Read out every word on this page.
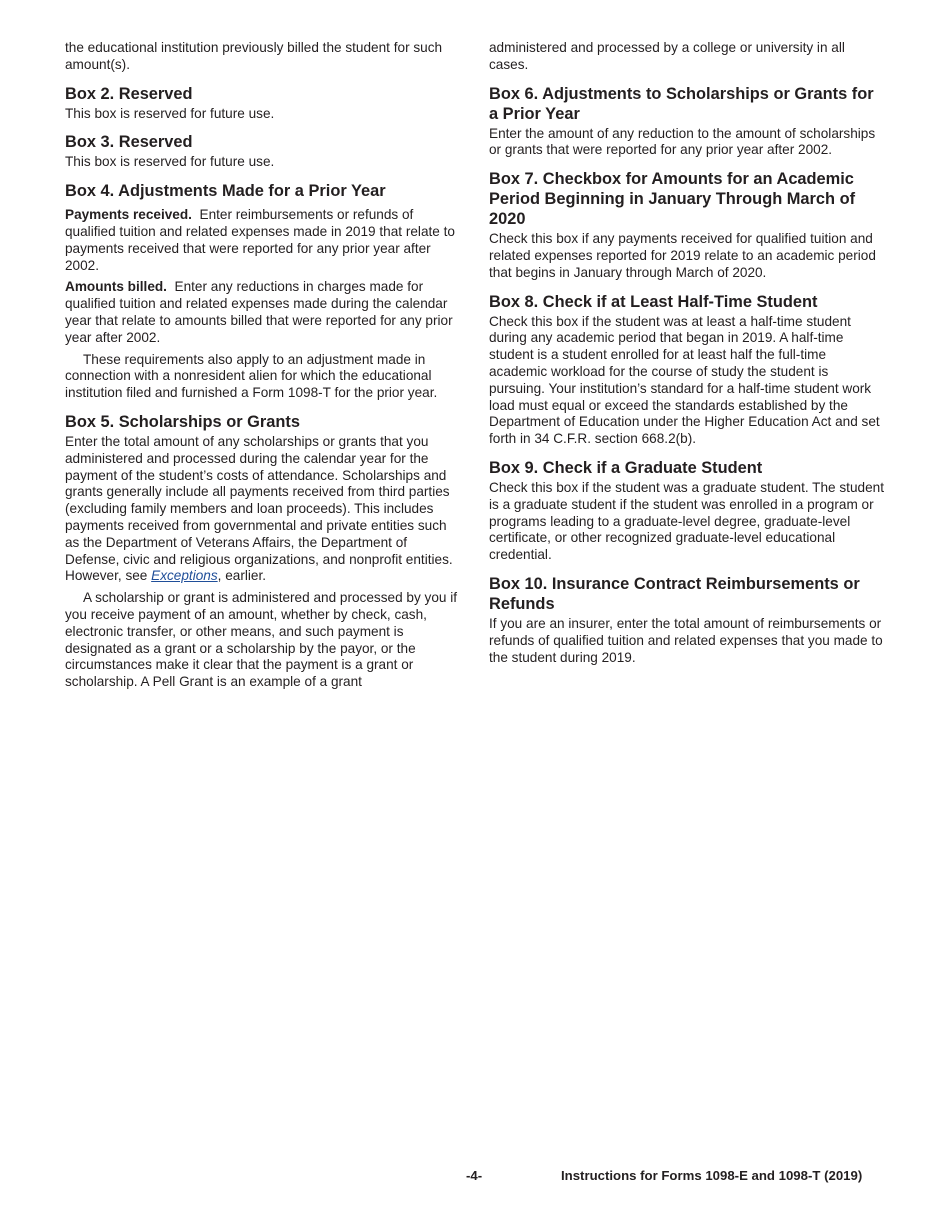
the educational institution previously billed the student for such amount(s).

Box 2. Reserved

This box is reserved for future use.

Box 3. Reserved

This box is reserved for future use.

Box 4. Adjustments Made for a Prior Year

Payments received. Enter reimbursements or refunds of qualified tuition and related expenses made in 2019 that relate to payments received that were reported for any prior year after 2002.

Amounts billed. Enter any reductions in charges made for qualified tuition and related expenses made during the calendar year that relate to amounts billed that were reported for any prior year after 2002.

These requirements also apply to an adjustment made in connection with a nonresident alien for which the educational institution filed and furnished a Form 1098-T for the prior year.

Box 5. Scholarships or Grants

Enter the total amount of any scholarships or grants that you administered and processed during the calendar year for the payment of the student’s costs of attendance. Scholarships and grants generally include all payments received from third parties (excluding family members and loan proceeds). This includes payments received from governmental and private entities such as the Department of Veterans Affairs, the Department of Defense, civic and religious organizations, and nonprofit entities. However, see Exceptions, earlier.

A scholarship or grant is administered and processed by you if you receive payment of an amount, whether by check, cash, electronic transfer, or other means, and such payment is designated as a grant or a scholarship by the payor, or the circumstances make it clear that the payment is a grant or scholarship. A Pell Grant is an example of a grant

administered and processed by a college or university in all cases.

Box 6. Adjustments to Scholarships or Grants for a Prior Year

Enter the amount of any reduction to the amount of scholarships or grants that were reported for any prior year after 2002.

Box 7. Checkbox for Amounts for an Academic Period Beginning in January Through March of 2020

Check this box if any payments received for qualified tuition and related expenses reported for 2019 relate to an academic period that begins in January through March of 2020.

Box 8. Check if at Least Half-Time Student

Check this box if the student was at least a half-time student during any academic period that began in 2019. A half-time student is a student enrolled for at least half the full-time academic workload for the course of study the student is pursuing. Your institution’s standard for a half-time student work load must equal or exceed the standards established by the Department of Education under the Higher Education Act and set forth in 34 C.F.R. section 668.2(b).

Box 9. Check if a Graduate Student

Check this box if the student was a graduate student. The student is a graduate student if the student was enrolled in a program or programs leading to a graduate-level degree, graduate-level certificate, or other recognized graduate-level educational credential.

Box 10. Insurance Contract Reimbursements or Refunds

If you are an insurer, enter the total amount of reimbursements or refunds of qualified tuition and related expenses that you made to the student during 2019.

-4-	Instructions for Forms 1098-E and 1098-T (2019)
